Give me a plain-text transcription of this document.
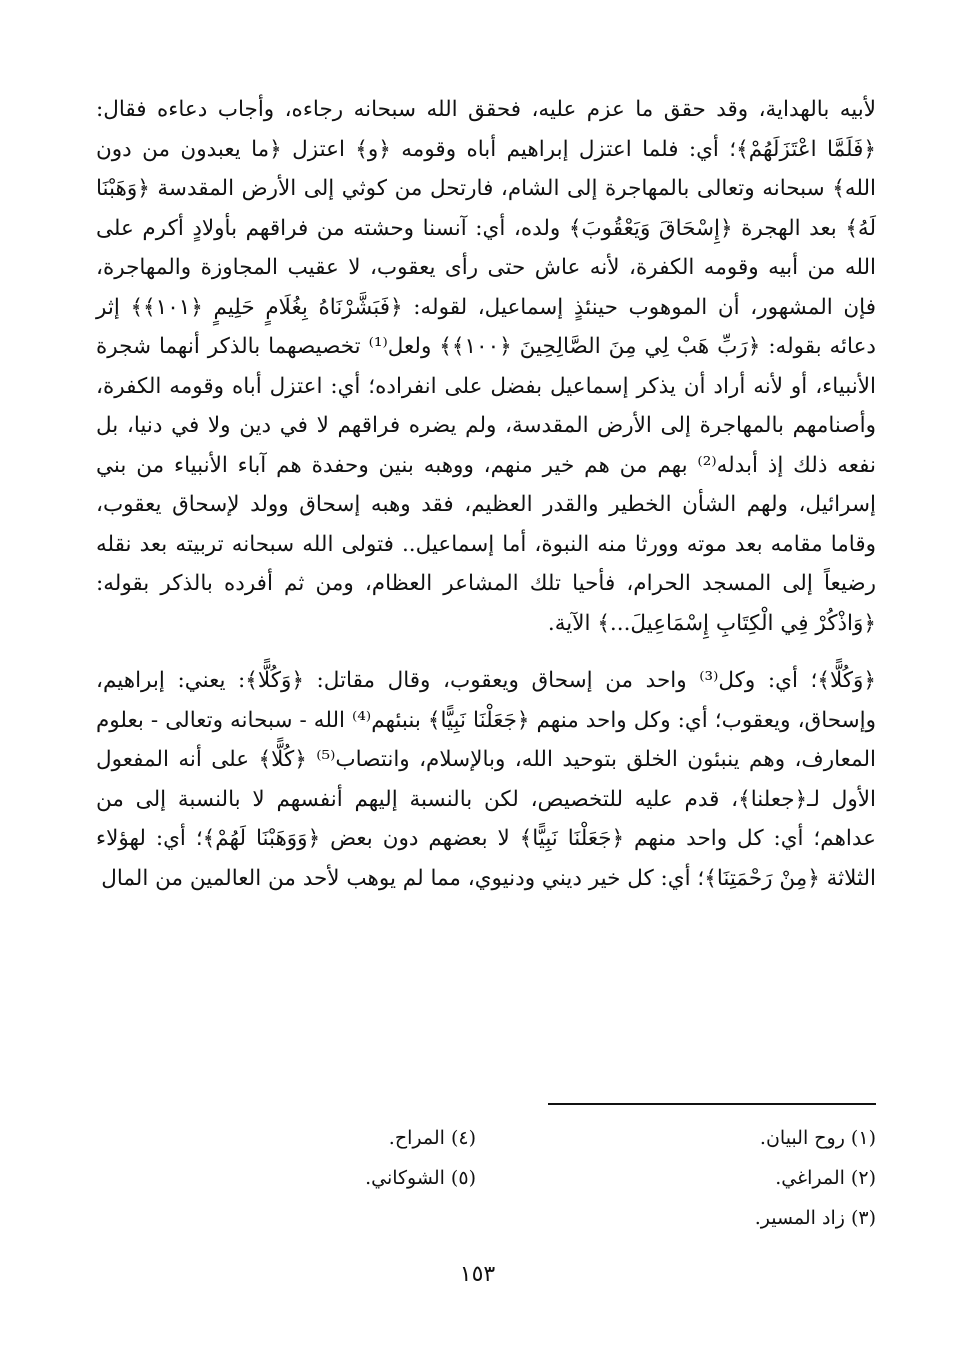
لأبيه بالهداية، وقد حقق ما عزم عليه، فحقق الله سبحانه رجاءه، وأجاب دعاءه فقال: ﴿فَلَمَّا اعْتَزَلَهُمْ﴾؛ أي: فلما اعتزل إبراهيم أباه وقومه ﴿و﴾ اعتزل ﴿ما يعبدون من دون الله﴾ سبحانه وتعالى بالمهاجرة إلى الشام، فارتحل من كوثي إلى الأرض المقدسة ﴿وَهَبْنَا لَهُ﴾ بعد الهجرة ﴿إِسْحَاقَ وَيَعْقُوبَ﴾ ولده، أي: آنسنا وحشته من فراقهم بأولادٍ أكرم على الله من أبيه وقومه الكفرة، لأنه عاش حتى رأى يعقوب، لا عقيب المجاوزة والمهاجرة، فإن المشهور، أن الموهوب حينئذٍ إسماعيل، لقوله: ﴿فَبَشَّرْنَاهُ بِغُلَامٍ حَلِيمٍ ﴿١٠١﴾﴾ إثر دعائه بقوله: ﴿رَبِّ هَبْ لِي مِنَ الصَّالِحِينَ ﴿١٠٠﴾﴾ ولعل⁽¹⁾ تخصيصهما بالذكر أنهما شجرة الأنبياء، أو لأنه أراد أن يذكر إسماعيل بفضل على انفراده؛ أي: اعتزل أباه وقومه الكفرة، وأصنامهم بالمهاجرة إلى الأرض المقدسة، ولم يضره فراقهم لا في دين ولا في دنيا، بل نفعه ذلك إذ أبدله⁽²⁾ بهم من هم خير منهم، ووهبه بنين وحفدة هم آباء الأنبياء من بني إسرائيل، ولهم الشأن الخطير والقدر العظيم، فقد وهبه إسحاق وولد لإسحاق يعقوب، وقاما مقامه بعد موته وورثا منه النبوة، أما إسماعيل.. فتولى الله سبحانه تربيته بعد نقله رضيعاً إلى المسجد الحرام، فأحيا تلك المشاعر العظام، ومن ثم أفرده بالذكر بقوله: ﴿وَاذْكُرْ فِي الْكِتَابِ إِسْمَاعِيلَ...﴾ الآية.

﴿وَكُلًّا﴾؛ أي: وكل⁽³⁾ واحد من إسحاق ويعقوب، وقال مقاتل: ﴿وَكُلًّا﴾: يعني: إبراهيم، وإسحاق، ويعقوب؛ أي: وكل واحد منهم ﴿جَعَلْنَا نَبِيًّا﴾ بنبئهم⁽⁴⁾ الله - سبحانه وتعالى - بعلوم المعارف، وهم ينبئون الخلق بتوحيد الله، وبالإسلام، وانتصاب⁽⁵⁾ ﴿كُلًّا﴾ على أنه المفعول الأول لـ﴿جعلنا﴾، قدم عليه للتخصيص، لكن بالنسبة إليهم أنفسهم لا بالنسبة إلى من عداهم؛ أي: كل واحد منهم ﴿جَعَلْنَا نَبِيًّا﴾ لا بعضهم دون بعض ﴿وَوَهَبْنَا لَهُمْ﴾؛ أي: لهؤلاء الثلاثة ﴿مِنْ رَحْمَتِنَا﴾؛ أي: كل خير ديني ودنيوي، مما لم يوهب لأحد من العالمين من المال

(١) روح البيان.
(٢) المراغي.
(٣) زاد المسير.
(٤) المراح.
(٥) الشوكاني.
١٥٣
